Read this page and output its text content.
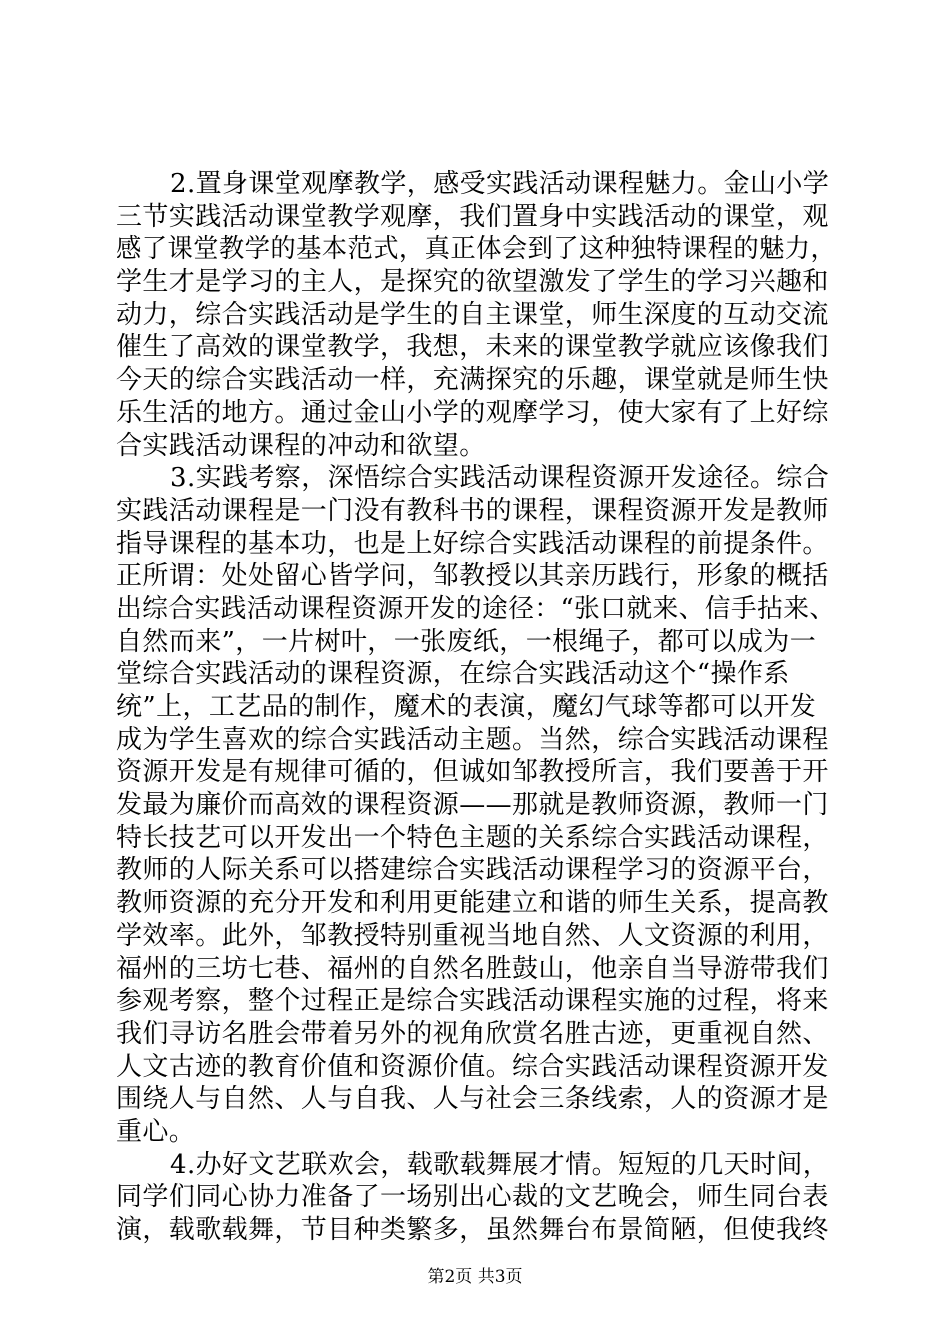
2.置身课堂观摩教学，感受实践活动课程魅力。金山小学
三节实践活动课堂教学观摩，我们置身中实践活动的课堂，观
感了课堂教学的基本范式，真正体会到了这种独特课程的魅力，
学生才是学习的主人，是探究的欲望激发了学生的学习兴趣和
动力，综合实践活动是学生的自主课堂，师生深度的互动交流
催生了高效的课堂教学，我想，未来的课堂教学就应该像我们
今天的综合实践活动一样，充满探究的乐趣，课堂就是师生快
乐生活的地方。通过金山小学的观摩学习，使大家有了上好综
合实践活动课程的冲动和欲望。
3.实践考察，深悟综合实践活动课程资源开发途径。综合
实践活动课程是一门没有教科书的课程，课程资源开发是教师
指导课程的基本功，也是上好综合实践活动课程的前提条件。
正所谓：处处留心皆学问，邹教授以其亲历践行，形象的概括
出综合实践活动课程资源开发的途径：“张口就来、信手拈来、
自然而来”，一片树叶，一张废纸，一根绳子，都可以成为一
堂综合实践活动的课程资源，在综合实践活动这个“操作系
统”上，工艺品的制作，魔术的表演，魔幻气球等都可以开发
成为学生喜欢的综合实践活动主题。当然，综合实践活动课程
资源开发是有规律可循的，但诚如邹教授所言，我们要善于开
发最为廉价而高效的课程资源——那就是教师资源，教师一门
特长技艺可以开发出一个特色主题的关系综合实践活动课程，
教师的人际关系可以搭建综合实践活动课程学习的资源平台，
教师资源的充分开发和利用更能建立和谐的师生关系，提高教
学效率。此外，邹教授特别重视当地自然、人文资源的利用，
福州的三坊七巷、福州的自然名胜鼓山，他亲自当导游带我们
参观考察，整个过程正是综合实践活动课程实施的过程，将来
我们寻访名胜会带着另外的视角欣赏名胜古迹，更重视自然、
人文古迹的教育价值和资源价值。综合实践活动课程资源开发
围绕人与自然、人与自我、人与社会三条线索，人的资源才是
重心。
4.办好文艺联欢会，载歌载舞展才情。短短的几天时间，
同学们同心协力准备了一场别出心裁的文艺晚会，师生同台表
演，载歌载舞，节目种类繁多，虽然舞台布景简陋，但使我终
第2页 共3页
